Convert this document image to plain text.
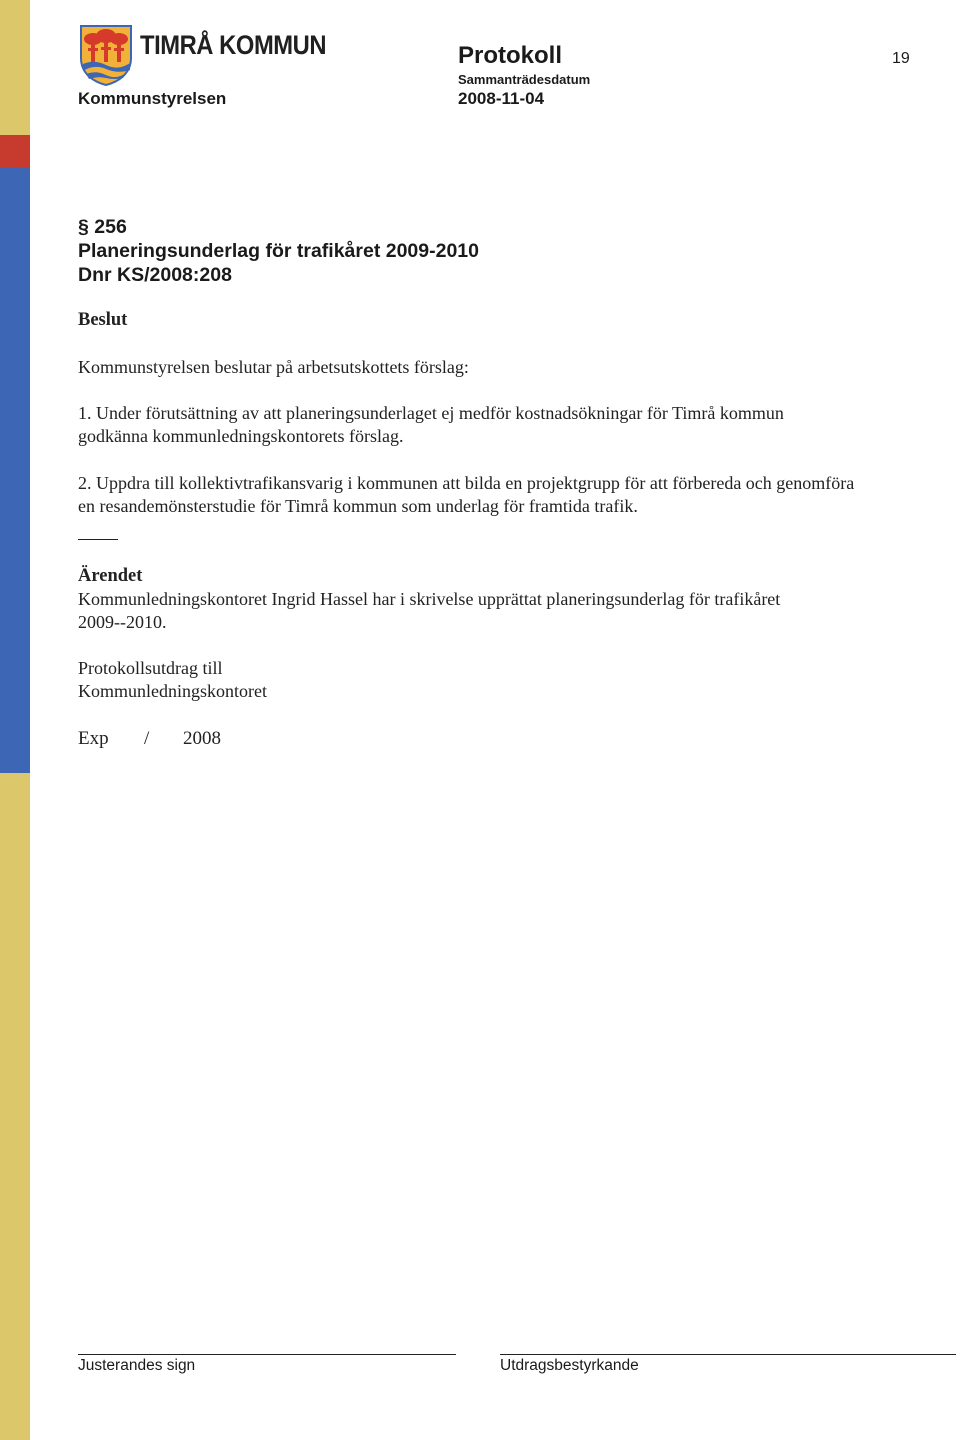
TIMRÅ KOMMUN
Kommunstyrelsen
Protokoll
Sammanträdesdatum
2008-11-04
19
§ 256
Planeringsunderlag för trafikåret 2009-2010
Dnr KS/2008:208
Beslut
Kommunstyrelsen beslutar på arbetsutskottets förslag:
1. Under förutsättning av att planeringsunderlaget ej medför kostnadsökningar för Timrå kommun godkänna kommunledningskontorets förslag.
2. Uppdra till kollektivtrafikansvarig i kommunen att bilda en projektgrupp för att förbereda och genomföra en resandemönsterstudie för Timrå kommun som underlag för framtida trafik.
Ärendet
Kommunledningskontoret Ingrid Hassel har i skrivelse upprättat planeringsunderlag för trafikåret 2009--2010.
Protokollsutdrag till
Kommunledningskontoret
Exp / 2008
Justerandes sign	Utdragsbestyrkande
